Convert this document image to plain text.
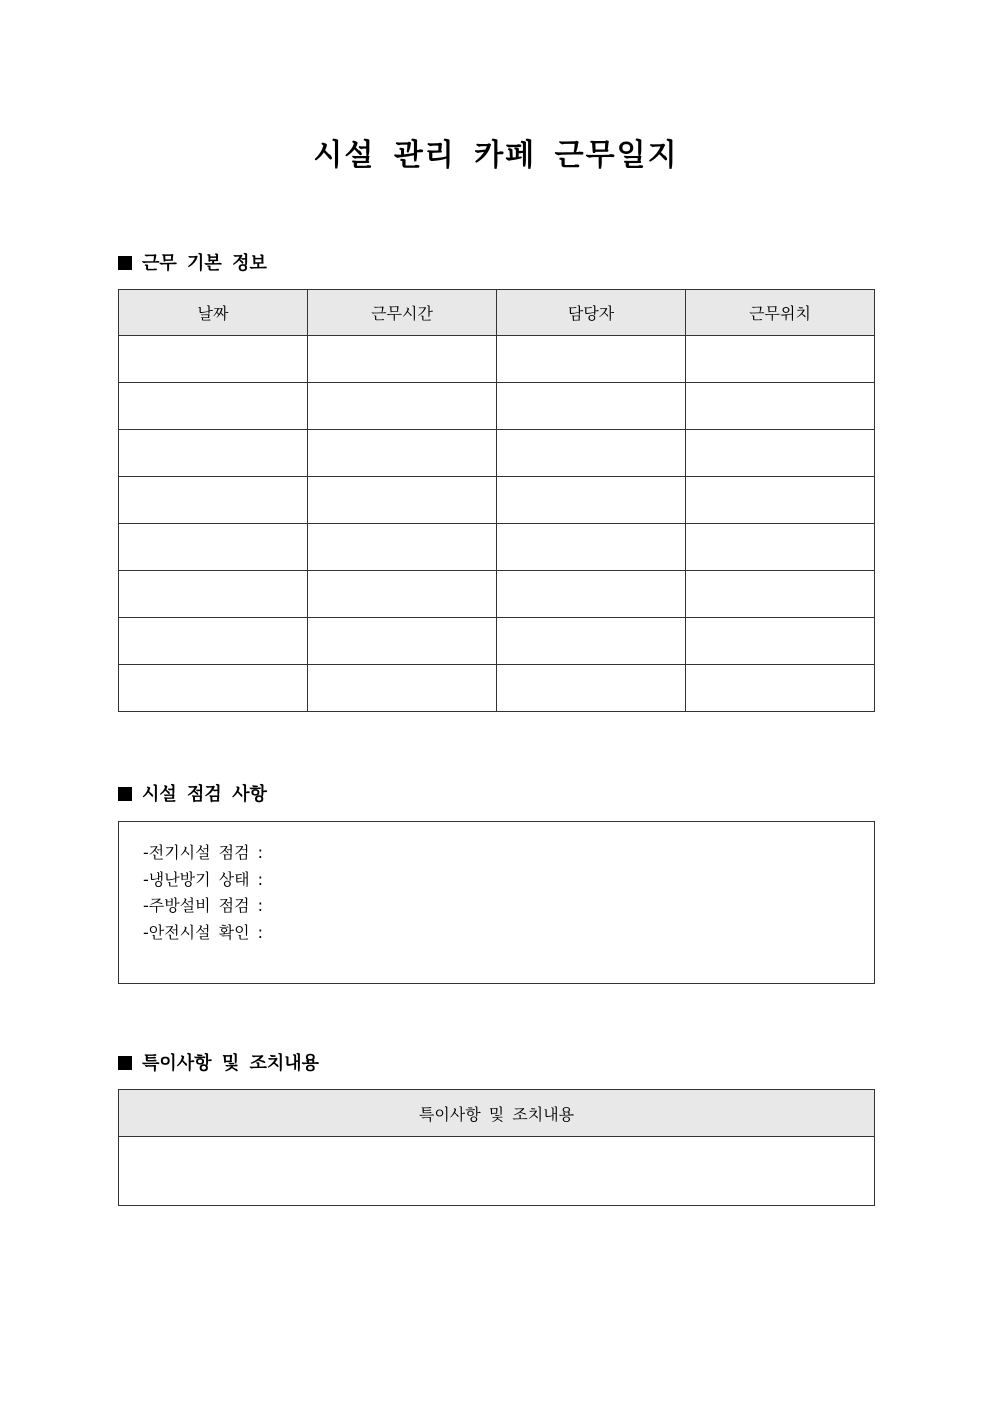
시설 관리 카페 근무일지
근무 기본 정보
날짜	근무시간	담당자	근무위치

시설 점검 사항
-전기시설 점검 :
-냉난방기 상태 :
-주방설비 점검 :
-안전시설 확인 :
특이사항 및 조치내용
특이사항 및 조치내용
